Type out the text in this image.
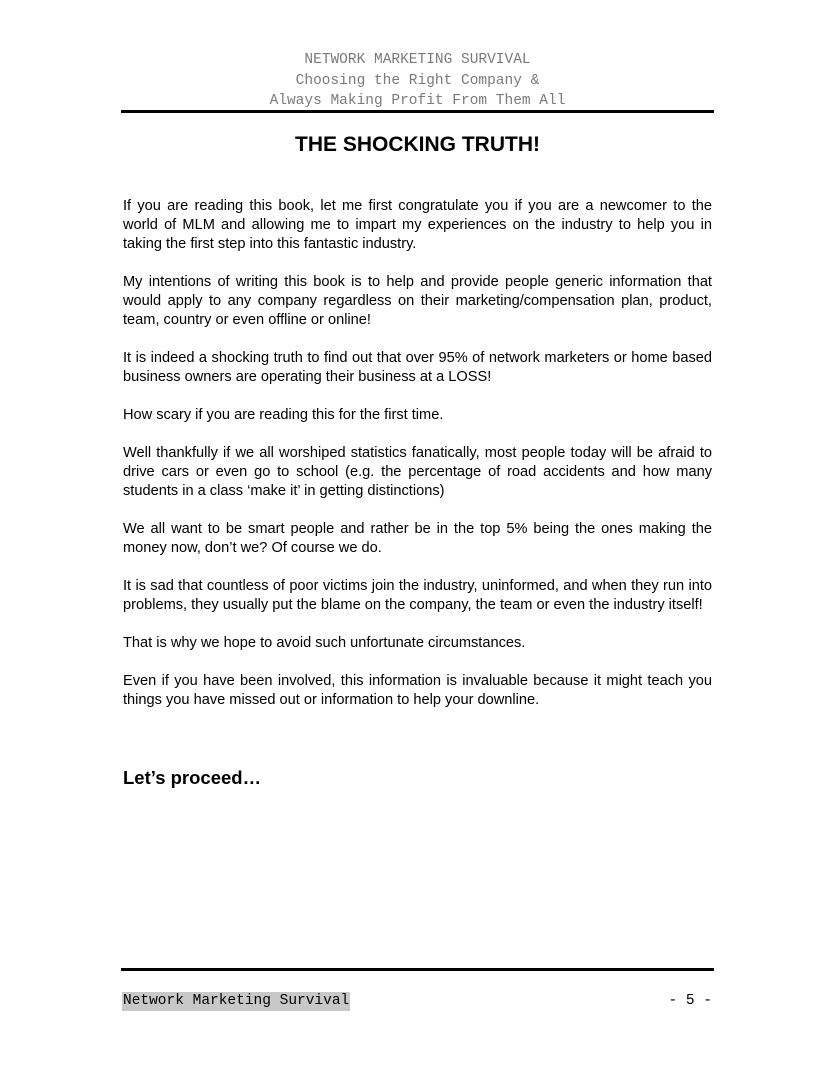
NETWORK MARKETING SURVIVAL
Choosing the Right Company &
Always Making Profit From Them All
THE SHOCKING TRUTH!

If you are reading this book, let me first congratulate you if you are a newcomer to the world of MLM and allowing me to impart my experiences on the industry to help you in taking the first step into this fantastic industry.

My intentions of writing this book is to help and provide people generic information that would apply to any company regardless on their marketing/compensation plan, product, team, country or even offline or online!

It is indeed a shocking truth to find out that over 95% of network marketers or home based business owners are operating their business at a LOSS!

How scary if you are reading this for the first time.

Well thankfully if we all worshiped statistics fanatically, most people today will be afraid to drive cars or even go to school (e.g. the percentage of road accidents and how many students in a class ‘make it’ in getting distinctions)

We all want to be smart people and rather be in the top 5% being the ones making the money now, don’t we? Of course we do.

It is sad that countless of poor victims join the industry, uninformed, and when they run into problems, they usually put the blame on the company, the team or even the industry itself!

That is why we hope to avoid such unfortunate circumstances.

Even if you have been involved, this information is invaluable because it might teach you things you have missed out or information to help your downline.

Let’s proceed…
Network Marketing Survival	- 5 -
